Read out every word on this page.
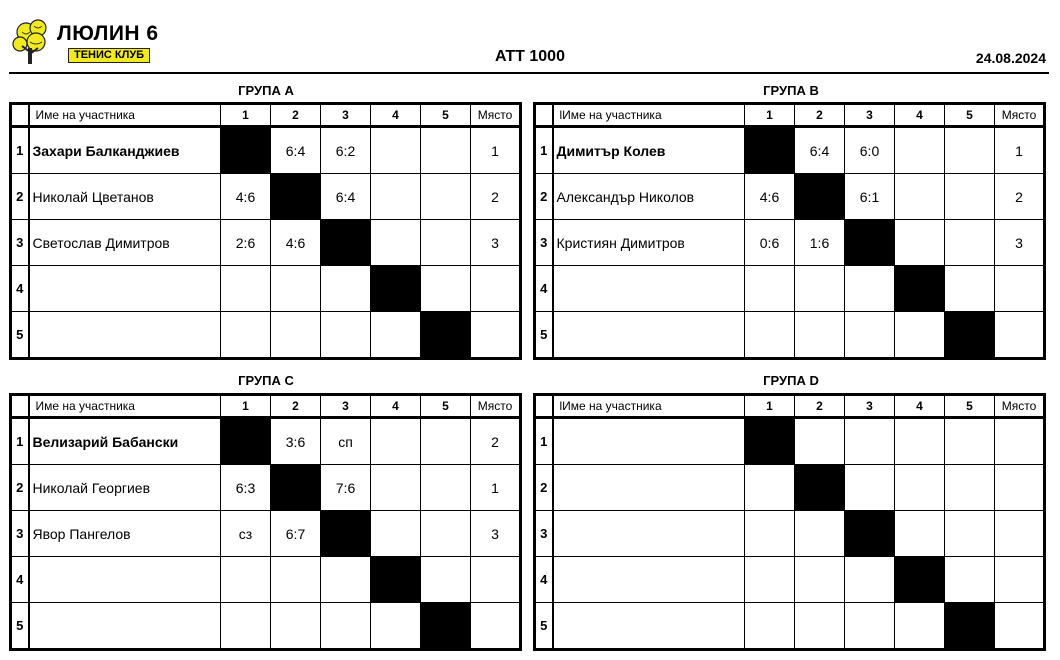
ЛЮЛИН 6
ТЕНИС КЛУБ	ATT 1000	24.08.2024
ГРУПА А	ГРУПА В
ГРУПА С	ГРУПА D
	Име на участника	1	2	3	4	5	Място
1	Захари Балканджиев		6:4	6:2			1
2	Николай Цветанов	4:6		6:4			2
3	Светослав Димитров	2:6	4:6				3
4							
5							
	lИме на участника	1	2	3	4	5	Място
1	Димитър Колев		6:4	6:0			1
2	Александър Николов	4:6		6:1			2
3	Кристиян Димитров	0:6	1:6				3
4							
5							
	Име на участника	1	2	3	4	5	Място
1	Велизарий Бабански		3:6	сп			2
2	Николай Георгиев	6:3		7:6			1
3	Явор Пангелов	сз	6:7				3
4							
5							
	lИме на участника	1	2	3	4	5	Място
1							
2							
3							
4							
5							
